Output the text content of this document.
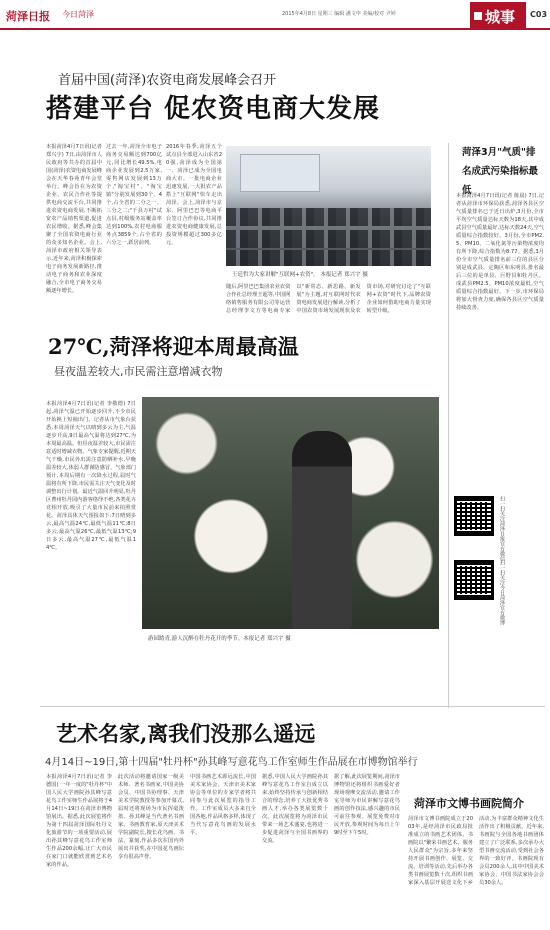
菏泽日报 今日菏泽	2015年4月8日 星期三 编辑 潘文申 美编/校对 尹婷	城事 C03
首届中国(菏泽)农资电商发展峰会召开
搭建平台 促农资电商大发展
本报菏泽4月7日讯(记者 郑兴宇) 7日,由菏泽市人民政府等共办的首届中国(菏泽)农资电商发展峰会在天华春苑青年会堂举行。峰会旨在为农资企业、农民合作社等提供电商交流平台,共同推进农资电商发展,不断拓宽农产品销售渠道,促进农民增收。据悉,峰会集聚了全国农资电商行业的众多知名企业。会上,菏泽市政府相关领导表示,近年来,菏泽积极探索电子商务发展新路径,推动电子商务和农业深度融合,全市电子商务交易额逐年增长。
过去一年,菏泽全市电子商务交易额达到700亿元,同比增长49.5%,电商企业发展到2.5万家,零售网店发展到13万个,"淘宝村"、"淘宝镇"分别发展到30个、4个,占全省的二分之一、三分之二;"千县万村"试点县,村级服务站覆盖率达到100%,农村电商服务点3859个,占全省的六分之一,跃居前列。
2016年春季,菏泽五个试点县全部进入山东省20强,菏泽成为全国第一、菏泽已成为全国电商大市。一批电商企业迅速发展,一大批农产品搭上"互联网"快车走出菏泽。会上,菏泽市与京东、阿里巴巴等电商平台签订合作协议,共同推进农资电商健康发展,总投资规模超过300多亿元。
王廷哲为大家讲解"互联网+农资"。 本报记者 郑兴宇 摄
随后,阿里巴巴集团农业农资合作社总经理王超等,中国网络销售服务有限公司等运营总经理李文方等电商专家以"新常态、新思路、新发展"为主题,对互联网时代农资电商发展进行解读,分析了中国农资市场发展现状及农资市场,对研究讨论了"互联网+农资"时代下,品牌农资企业如何借助电商力量实现转型升级。
菏泽3月"气质"排名成武污染指标最低
本报菏泽4月7日讯(记者 陈晨) 7日,记者从菏泽市环保局获悉,菏泽各县区空气质量排名已于近日出炉,3月份,全市平均空气质量达标天数为18天,其中成武县空气质量最好,达标天数24天,空气质量综合指数较好。3月份,全市PM2.5、PM10、二氧化氮等污染物浓度均有所下降,综合指数为8.77。据悉,3月份全市空气质量排名前三位的县区分别是成武县、定陶区和东明县,排名最后三位的是单县、巨野县和牡丹区。成武县PM2.5、PM10浓度最低,空气质量综合指数最好。下一步,市环保局将加大督查力度,确保各县区空气质量持续改善。
扫一扫关注菏泽日报官方微信
扫一扫关注今日菏泽官方微博
27℃,菏泽将迎本周最高温
昼夜温差较大,市民需注意增减衣物
本报菏泽4月7日讯(记者 李敬德) 7日起,菏泽气温已开始逐步回升,不少市民开始换上短袖出门。记者从市气象台获悉,本周菏泽天气以晴到多云为主,气温逐步升高,9日最高气温将达到27℃,为本周最高温。但昼夜温差较大,市民需注意适时增减衣物。气象专家提醒,近期天气干燥,市民外出需注意防晒补水,早晚温差较大,体弱人群谨防感冒。气象部门预计,本周后期有一次降水过程,届时气温将有所下降,市民需关注天气变化及时调整出行计划。最近气温回升明显,牡丹区曹州牡丹园内游客络绎不绝,各类花卉竞相开放,吸引了大量市民前来拍照赏花。菏泽具体天气预报如下:7日晴到多云,最高气温24℃,最低气温11℃;8日多云,最高气温26℃,最低气温13℃;9日多云,最高气温27℃,最低气温14℃。
游园踏青,游人沉醉在牡丹花开的季节。本报记者 郑兴宇 摄
艺术名家,离我们没那么遥远
4月14日~19日,第十四届"牡丹杯"孙其峰写意花鸟工作室师生作品展在市博物馆举行
本报菏泽4月7日讯(记者 李德国) 一年一度的"牡丹杯"中国人民大学画院孙其峰写意花鸟工作室师生作品展将于4月14日~19日在菏泽市博物馆展出。据悉,此次展览将作为第十四届菏泽国际牡丹文化旅游节的一项重要活动,展出孙其峰写意花鸟工作室师生作品200余幅,让广大市民在家门口就能欣赏到艺术名家的作品。
此次活动将邀请国家一级美术师、著名书画家,中国美协会员、中国书协理事、天津美术学院教授等参加开幕式,届时还将现场为市民挥毫泼墨。孙其峰是当代著名书画家、书画教育家,原天津美术学院副院长,擅长花鸟画、书法、篆刻,作品多次在国内外展出并获奖,在中国花鸟画坛享有很高声誉。
中国书画艺术源远流长,中国美术家协会、天津市美术家协会等单位的专家学者将共同参与此次展览的指导工作。工作室成员大多来自全国各地,作品风格多样,体现了当代写意花鸟画的发展水平。
据悉,中国人民大学画院孙其峰写意花鸟工作室自成立以来,始终坚持传承与创新相结合的理念,培养了大批优秀书画人才,举办各类展览数十次。此次展览将为菏泽市民带来一场艺术盛宴,也将进一步促进菏泽与全国书画界的交流。
据了解,此次展览期间,菏泽市博物馆还将组织书画爱好者现场观摩交流活动,邀请工作室导师为市民讲解写意花鸟画的创作技法,感兴趣的市民可前往参观。展览免费对市民开放,参观时间为每日上午9时至下午5时。
菏泽市文博书画院简介
菏泽市文博书画院成立于2003年,是经菏泽市民政局批准成立的书画艺术团体。书画院以"繁荣书画艺术、服务人民群众"为宗旨,多年来坚持开展书画创作、展览、交流、培训等活动,先后举办各类书画展览数十次,组织书画家深入基层开展送文化下乡活动,为丰富群众精神文化生活作出了积极贡献。近年来,书画院与全国各地书画团体建立了广泛联系,多次承办大型书画交流活动,受到社会各界的一致好评。书画院现有会员200余人,其中中国美术家协会、中国书法家协会会员30余人。
